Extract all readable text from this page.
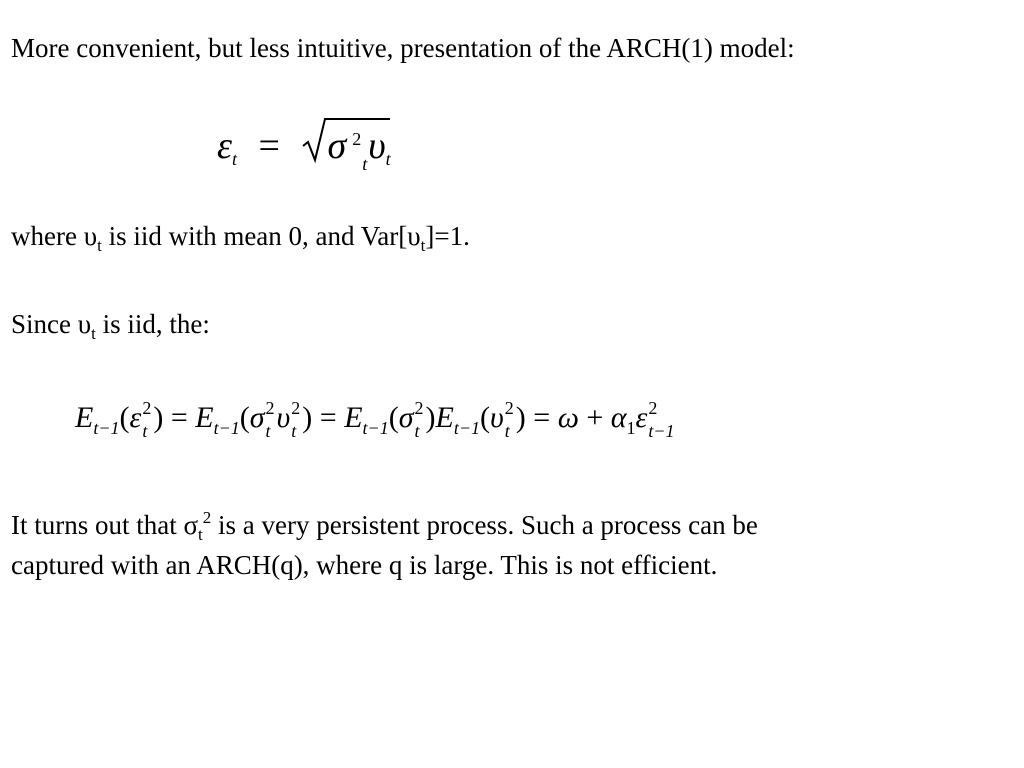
More convenient, but less intuitive, presentation of the ARCH(1) model:
εt = σ 2
t υt
where $\upsilon_t$ is iid with mean 0, and $Var[\upsilon_t]=1$.
Since $\upsilon_t$ is iid, the:
$E_{t-1}(\varepsilon$ 2
t ) = $E_{t-1}(\sigma$ 2
t υ 2
t ) = $E_{t-1}(\sigma$ 2
t )$E_{t-1}(\upsilon$ 2
t ) = $\omega + \alpha_1\varepsilon$ 2
t−1
It turns out that $\sigma_t^2$ is a very persistent process. Such a process can be
captured with an ARCH(q), where q is large. This is not efficient.
